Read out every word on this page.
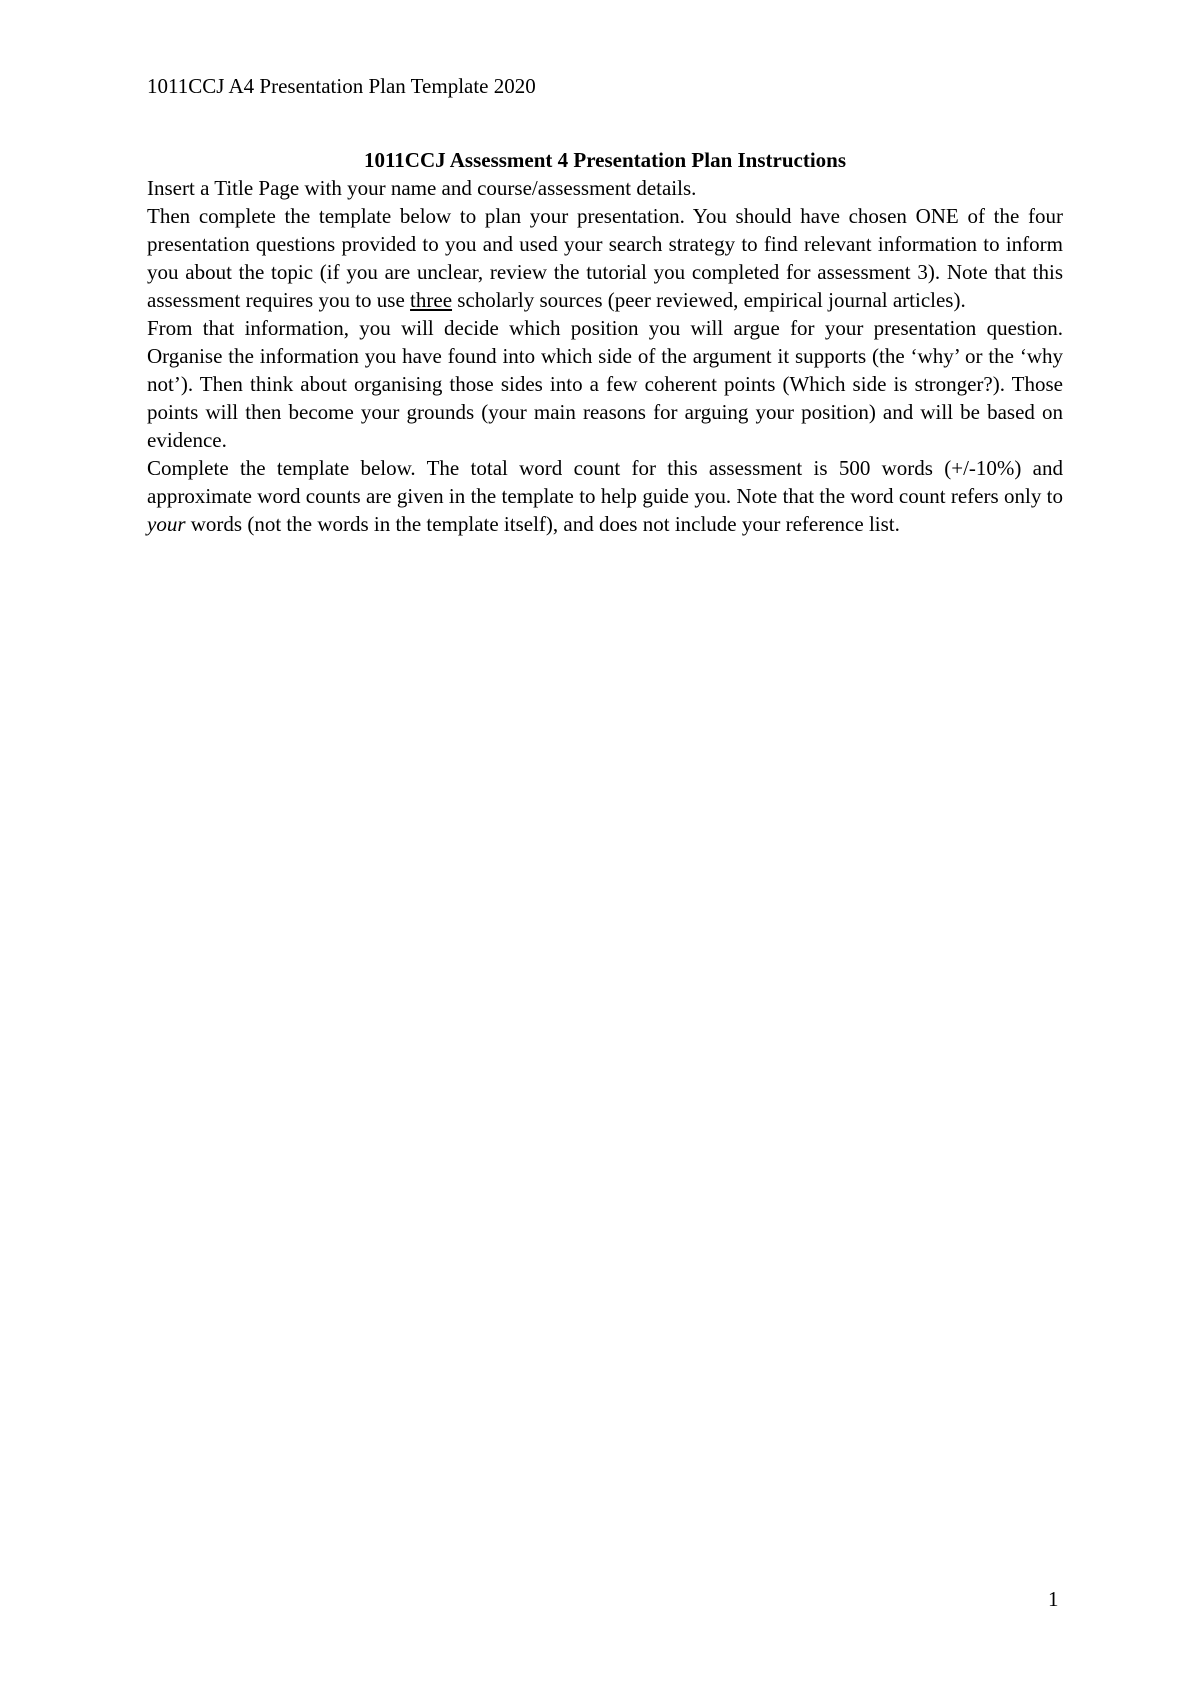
1011CCJ A4 Presentation Plan Template 2020
1011CCJ Assessment 4 Presentation Plan Instructions

Insert a Title Page with your name and course/assessment details.

Then complete the template below to plan your presentation. You should have chosen ONE of the four presentation questions provided to you and used your search strategy to find relevant information to inform you about the topic (if you are unclear, review the tutorial you completed for assessment 3). Note that this assessment requires you to use three scholarly sources (peer reviewed, empirical journal articles).

From that information, you will decide which position you will argue for your presentation question. Organise the information you have found into which side of the argument it supports (the ‘why’ or the ‘why not’). Then think about organising those sides into a few coherent points (Which side is stronger?). Those points will then become your grounds (your main reasons for arguing your position) and will be based on evidence.

Complete the template below. The total word count for this assessment is 500 words (+/-10%) and approximate word counts are given in the template to help guide you. Note that the word count refers only to your words (not the words in the template itself), and does not include your reference list.

1
